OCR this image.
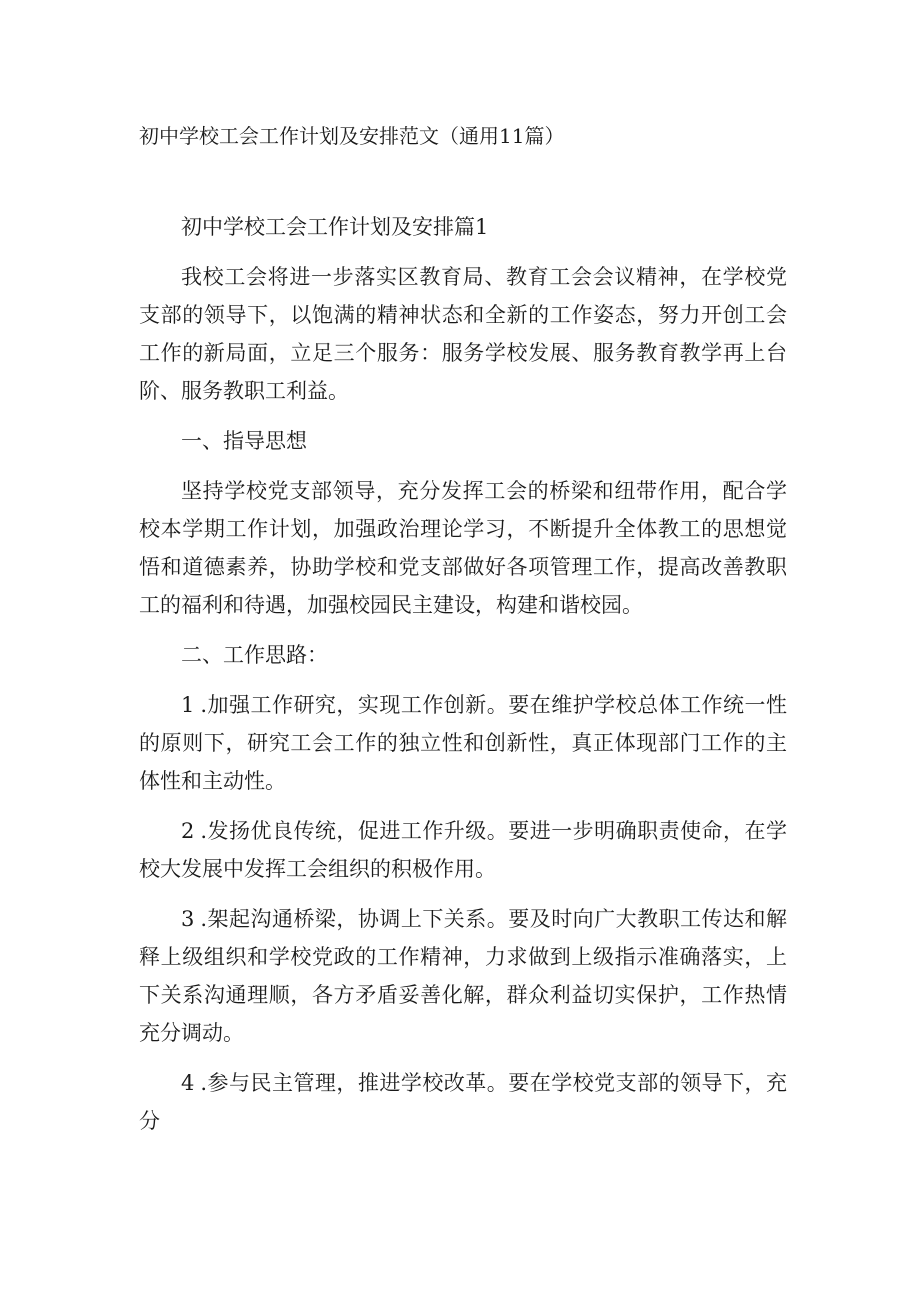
初中学校工会工作计划及安排范文（通用11篇）

初中学校工会工作计划及安排篇1

我校工会将进一步落实区教育局、教育工会会议精神，在学校党支部的领导下，以饱满的精神状态和全新的工作姿态，努力开创工会工作的新局面，立足三个服务：服务学校发展、服务教育教学再上台阶、服务教职工利益。

一、指导思想

坚持学校党支部领导，充分发挥工会的桥梁和纽带作用，配合学校本学期工作计划，加强政治理论学习，不断提升全体教工的思想觉悟和道德素养，协助学校和党支部做好各项管理工作，提高改善教职工的福利和待遇，加强校园民主建设，构建和谐校园。

二、工作思路：

1.加强工作研究，实现工作创新。要在维护学校总体工作统一性的原则下，研究工会工作的独立性和创新性，真正体现部门工作的主体性和主动性。

2.发扬优良传统，促进工作升级。要进一步明确职责使命，在学校大发展中发挥工会组织的积极作用。

3.架起沟通桥梁，协调上下关系。要及时向广大教职工传达和解释上级组织和学校党政的工作精神，力求做到上级指示准确落实，上下关系沟通理顺，各方矛盾妥善化解，群众利益切实保护，工作热情充分调动。

4.参与民主管理，推进学校改革。要在学校党支部的领导下，充分
